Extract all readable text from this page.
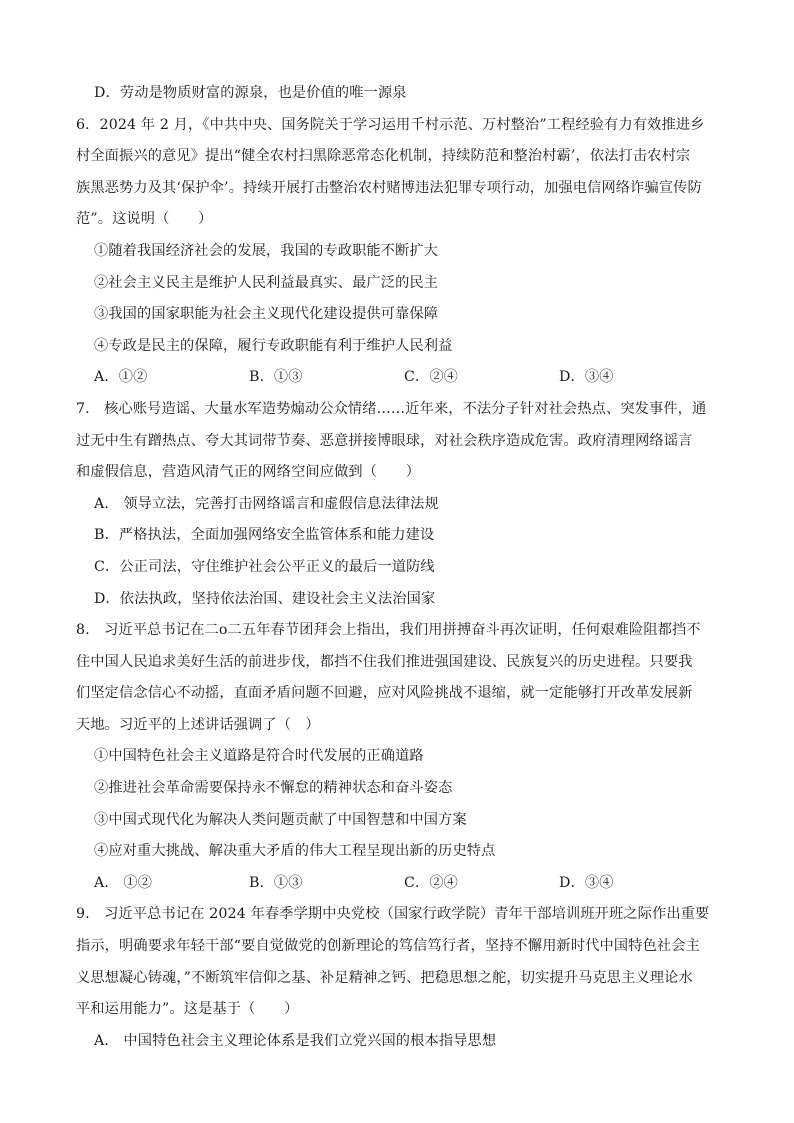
D．劳动是物质财富的源泉，也是价值的唯一源泉
6．2024 年 2 月，《中共中央、国务院关于学习运用千村示范、万村整治”工程经验有力有效推进乡
村全面振兴的意见》提出“健全农村扫黑除恶常态化机制，持续防范和整治村霸’，依法打击农村宗
族黑恶势力及其‘保护伞’。持续开展打击整治农村赌博违法犯罪专项行动，加强电信网络诈骗宣传防
范”。这说明（　　）
①随着我国经济社会的发展，我国的专政职能不断扩大
②社会主义民主是维护人民利益最真实、最广泛的民主
③我国的国家职能为社会主义现代化建设提供可靠保障
④专政是民主的保障，履行专政职能有利于维护人民利益
A．①②	B．①③	C．②④	D．③④
7.　核心账号造谣、大量水军造势煽动公众情绪……近年来，不法分子针对社会热点、突发事件，通
过无中生有蹭热点、夸大其词带节奏、恶意拼接博眼球，对社会秩序造成危害。政府清理网络谣言
和虚假信息，营造风清气正的网络空间应做到（　　）
A.　领导立法，完善打击网络谣言和虚假信息法律法规
B．严格执法，全面加强网络安全监管体系和能力建设
C．公正司法，守住维护社会公平正义的最后一道防线
D．依法执政，坚持依法治国、建设社会主义法治国家
8.　习近平总书记在二o二五年春节团拜会上指出，我们用拼搏奋斗再次证明，任何艰难险阻都挡不
住中国人民追求美好生活的前进步伐，都挡不住我们推进强国建设、民族复兴的历史进程。只要我
们坚定信念信心不动摇，直面矛盾问题不回避，应对风险挑战不退缩，就一定能够打开改革发展新
天地。习近平的上述讲话强调了（　）
①中国特色社会主义道路是符合时代发展的正确道路
②推进社会革命需要保持永不懈怠的精神状态和奋斗姿态
③中国式现代化为解决人类问题贡献了中国智慧和中国方案
④应对重大挑战、解决重大矛盾的伟大工程呈现出新的历史特点
A.　①②	B．①③	C．②④	D．③④
9.　习近平总书记在 2024 年春季学期中央党校（国家行政学院）青年干部培训班开班之际作出重要
指示，明确要求年轻干部“要自觉做党的创新理论的笃信笃行者，坚持不懈用新时代中国特色社会主
义思想凝心铸魂，”不断筑牢信仰之基、补足精神之钙、把稳思想之舵，切实提升马克思主义理论水
平和运用能力”。这是基于（　　）
A.　中国特色社会主义理论体系是我们立党兴国的根本指导思想
